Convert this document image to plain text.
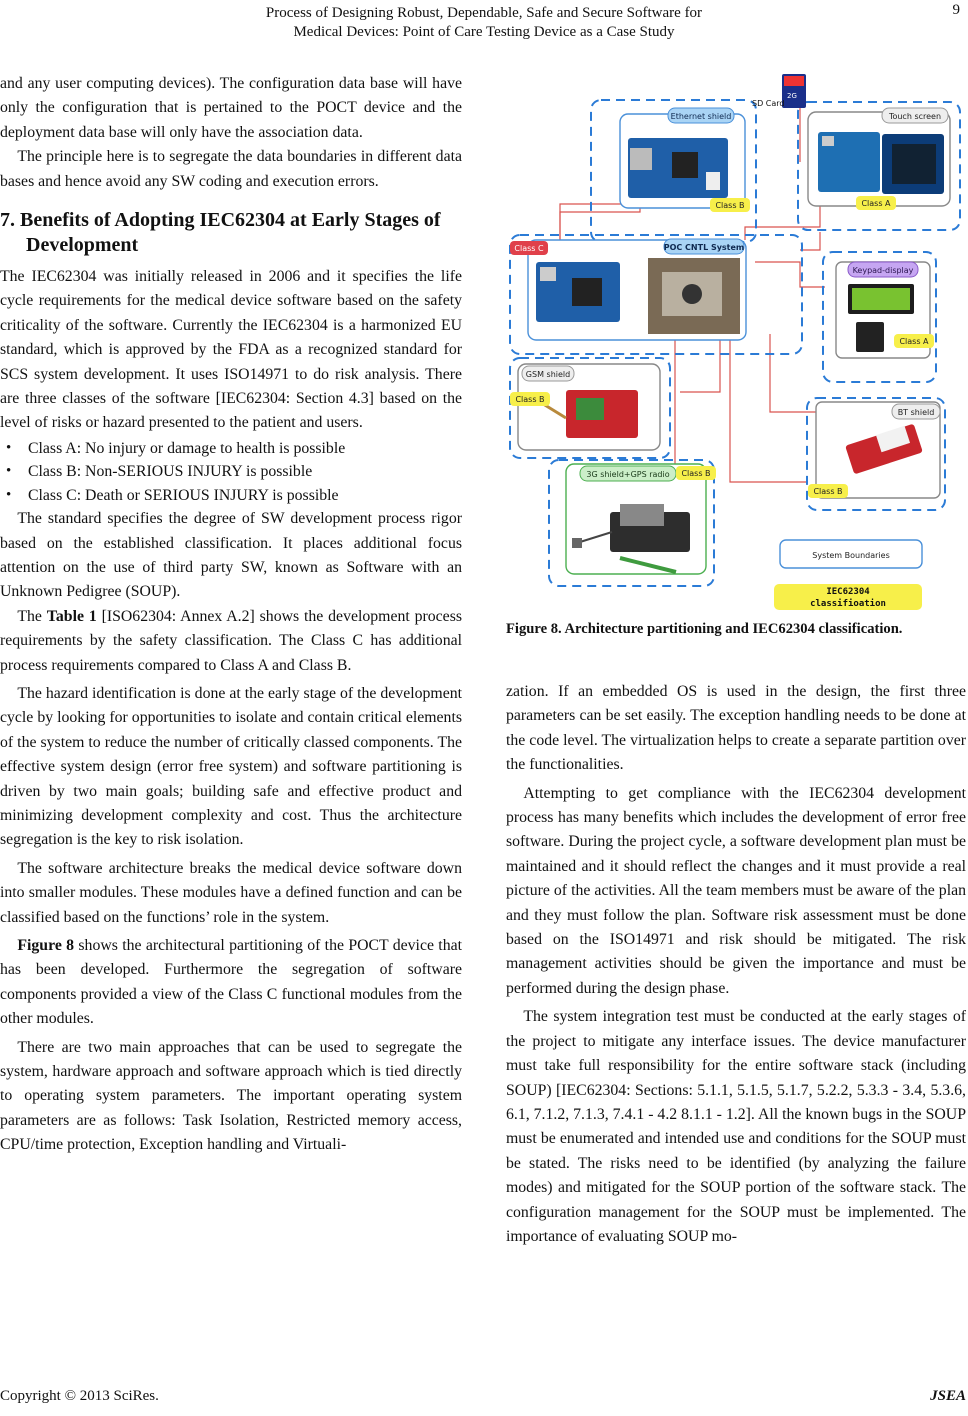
Process of Designing Robust, Dependable, Safe and Secure Software for
Medical Devices: Point of Care Testing Device as a Case Study
9

and any user computing devices). The configuration data base will have only the configuration that is pertained to the POCT device and the deployment data base will only have the association data.

The principle here is to segregate the data boundaries in different data bases and hence avoid any SW coding and execution errors.

7. Benefits of Adopting IEC62304 at Early Stages of Development

The IEC62304 was initially released in 2006 and it specifies the life cycle requirements for the medical device software based on the safety criticality of the software. Currently the IEC62304 is a harmonized EU standard, which is approved by the FDA as a recognized standard for SCS system development. It uses ISO14971 to do risk analysis. There are three classes of the software [IEC62304: Section 4.3] based on the level of risks or hazard presented to the patient and users.

• Class A: No injury or damage to health is possible
• Class B: Non-SERIOUS INJURY is possible
• Class C: Death or SERIOUS INJURY is possible

The standard specifies the degree of SW development process rigor based on the established classification. It places additional focus attention on the use of third party SW, known as Software with an Unknown Pedigree (SOUP).

The Table 1 [ISO62304: Annex A.2] shows the development process requirements by the safety classification. The Class C has additional process requirements compared to Class A and Class B.

The hazard identification is done at the early stage of the development cycle by looking for opportunities to isolate and contain critical elements of the system to reduce the number of critically classed components. The effective system design (error free system) and software partitioning is driven by two main goals; building safe and effective product and minimizing development complexity and cost. Thus the architecture segregation is the key to risk isolation.

The software architecture breaks the medical device software down into smaller modules. These modules have a defined function and can be classified based on the functions’ role in the system.

Figure 8 shows the architectural partitioning of the POCT device that has been developed. Furthermore the segregation of software components provided a view of the Class C functional modules from the other modules.

There are two main approaches that can be used to segregate the system, hardware approach and software approach which is tied directly to operating system parameters. The important operating system parameters are as follows: Task Isolation, Restricted memory access, CPU/time protection, Exception handling and Virtuali-

2G
Ethernet shield
SD Card
Touch screen
POC CNTL System
Keypad-display
GSM shield
BT shield
3G shield+GPS radio
System Boundaries
Class B	Class A
Class C
Class A
Class B
Class B
Class B
IEC62304
classifioation
Figure 8. Architecture partitioning and IEC62304 classification.

zation. If an embedded OS is used in the design, the first three parameters can be set easily. The exception handling needs to be done at the code level. The virtualization helps to create a separate partition over the functionalities.

Attempting to get compliance with the IEC62304 development process has many benefits which includes the development of error free software. During the project cycle, a software development plan must be maintained and it should reflect the changes and it must provide a real picture of the activities. All the team members must be aware of the plan and they must follow the plan. Software risk assessment must be done based on the ISO14971 and risk should be mitigated. The risk management activities should be given the importance and must be performed during the design phase.

The system integration test must be conducted at the early stages of the project to mitigate any interface issues. The device manufacturer must take full responsibility for the entire software stack (including SOUP) [IEC62304: Sections: 5.1.1, 5.1.5, 5.1.7, 5.2.2, 5.3.3 - 3.4, 5.3.6, 6.1, 7.1.2, 7.1.3, 7.4.1 - 4.2 8.1.1 - 1.2]. All the known bugs in the SOUP must be enumerated and intended use and conditions for the SOUP must be stated. The risks need to be identified (by analyzing the failure modes) and mitigated for the SOUP portion of the software stack. The configuration management for the SOUP must be implemented. The importance of evaluating SOUP mo-

Copyright © 2013 SciRes.	JSEA
